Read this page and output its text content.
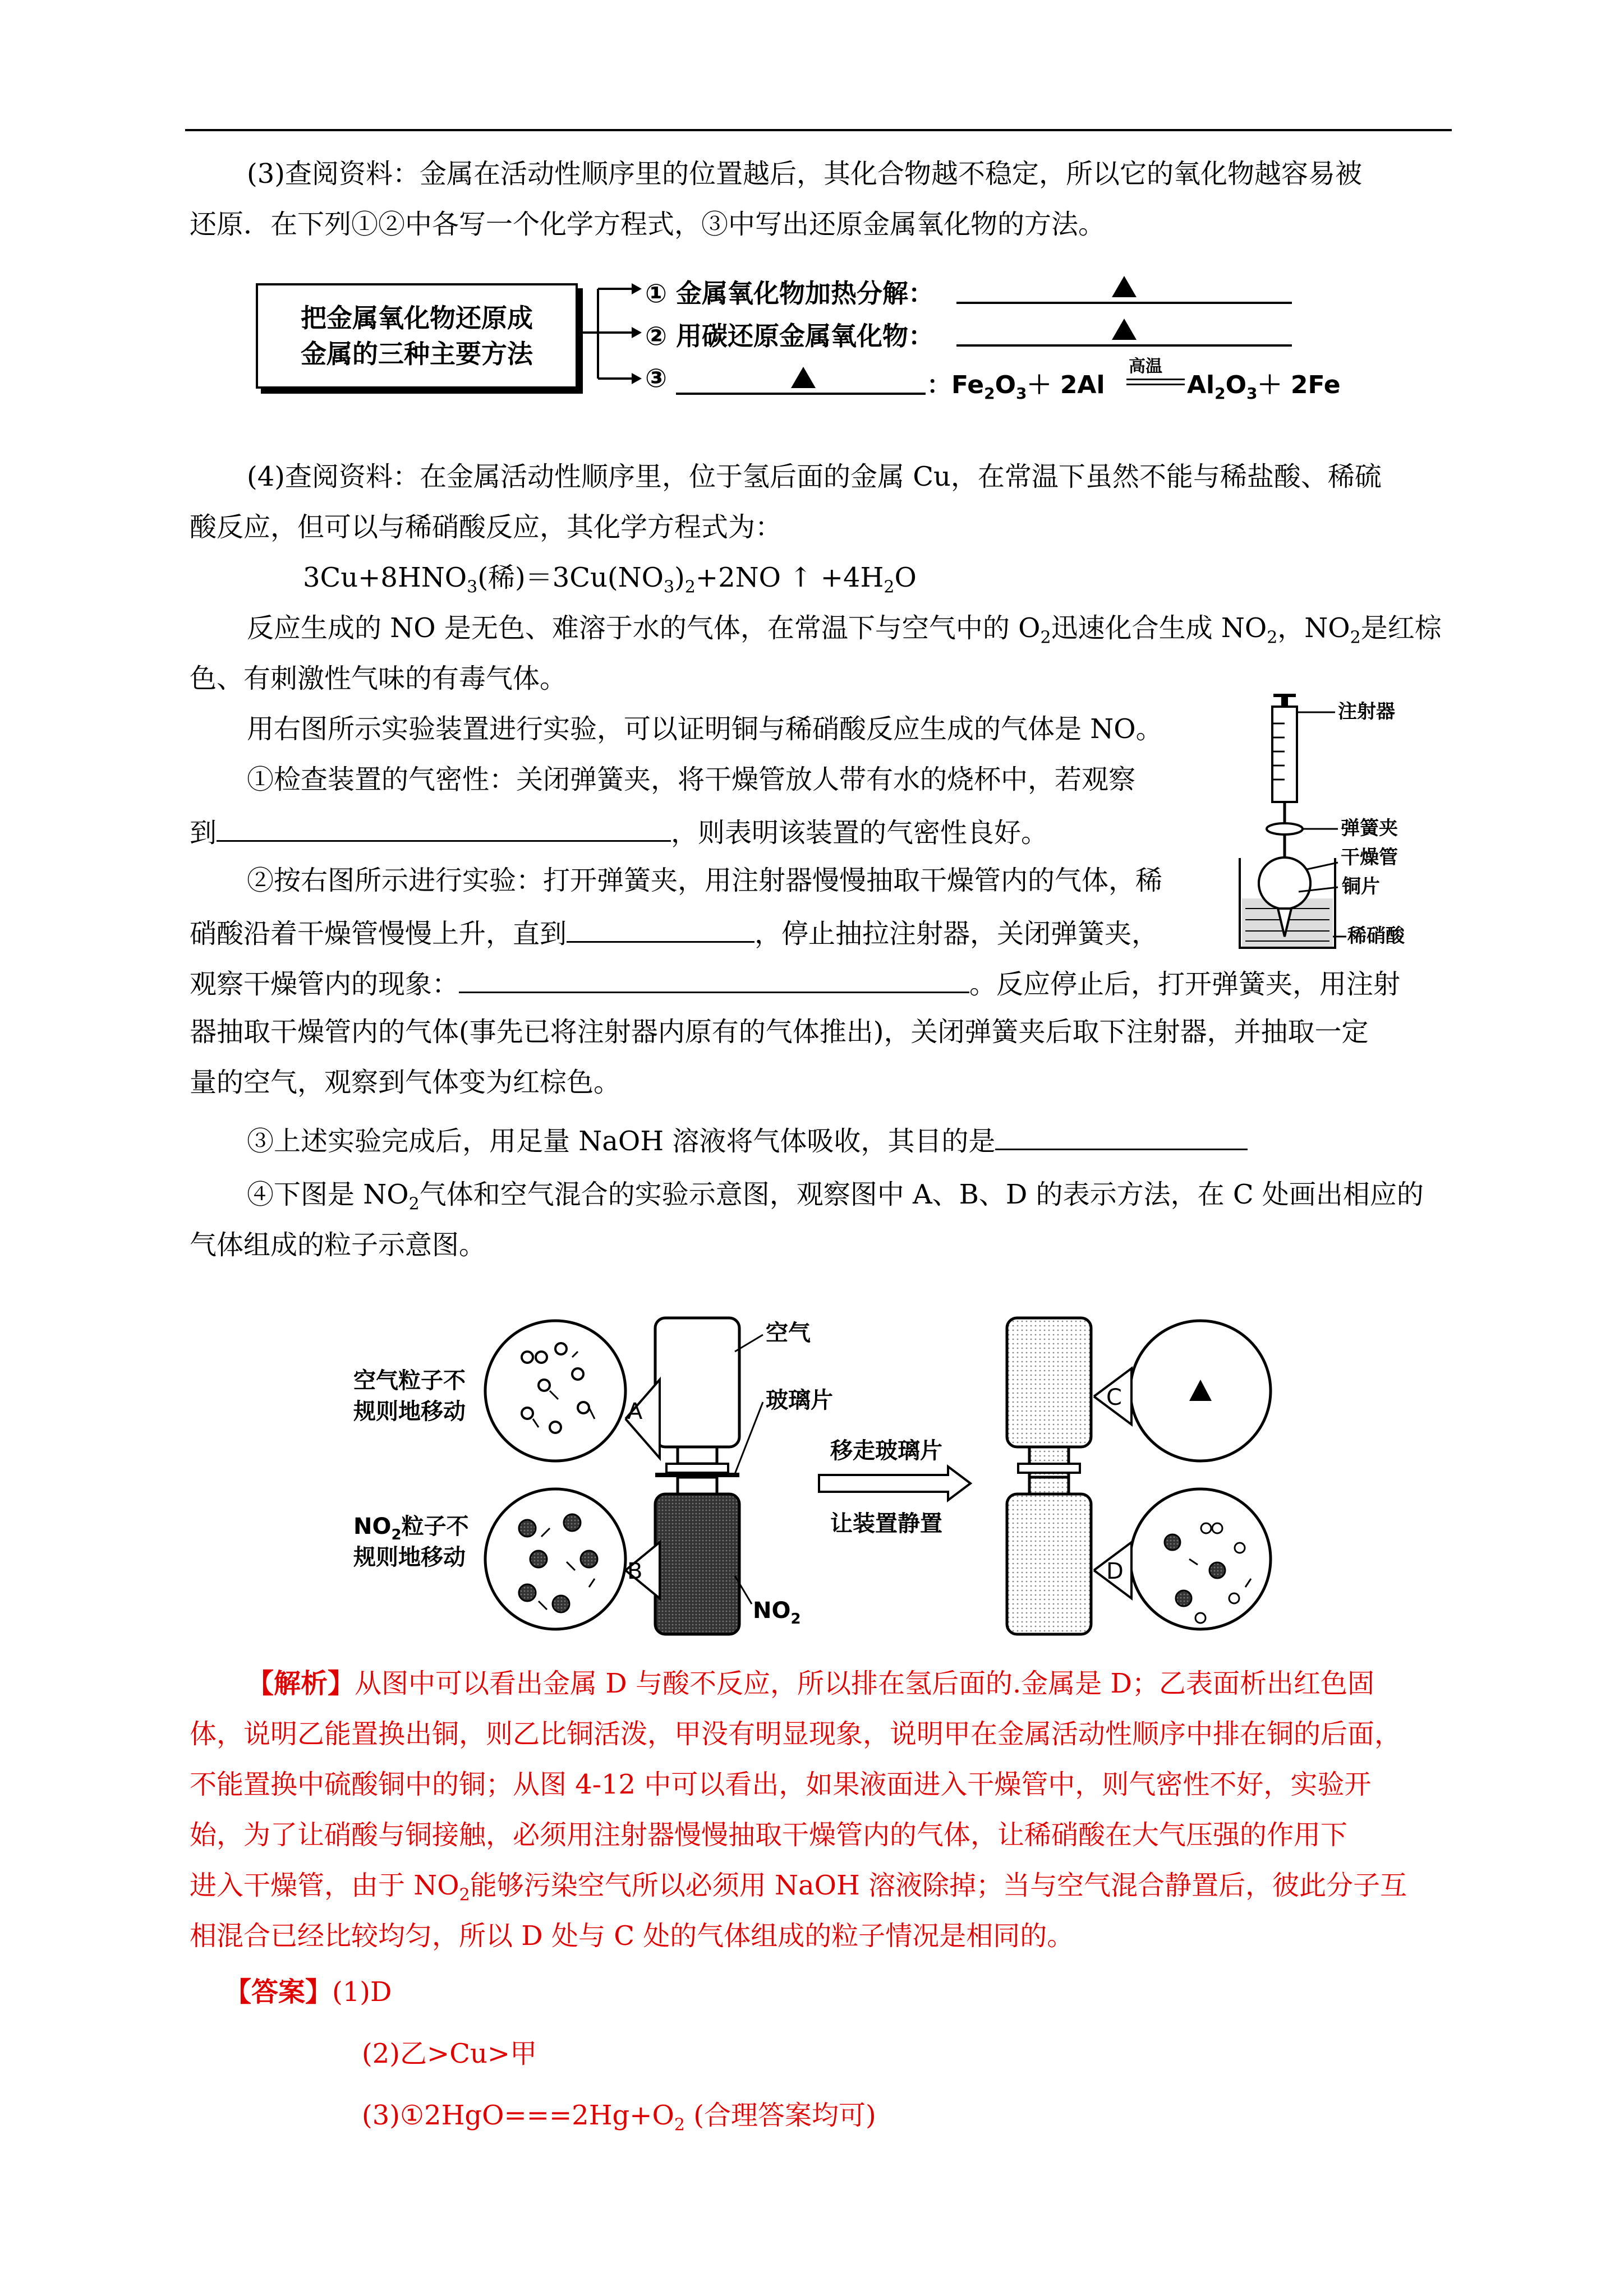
(3)查阅资料：金属在活动性顺序里的位置越后，其化合物越不稳定，所以它的氧化物越容易被
还原．在下列①②中各写一个化学方程式，③中写出还原金属氧化物的方法。
把金属氧化物还原成
金属的三种主要方法
① 金属氧化物加热分解：
② 用碳还原金属氧化物：
③	：$Fe_2O_3+ 2Al$
高温
$Al_2O_3+ 2Fe$
(4)查阅资料：在金属活动性顺序里，位于氢后面的金属 Cu，在常温下虽然不能与稀盐酸、稀硫
酸反应，但可以与稀硝酸反应，其化学方程式为：
$3Cu+8HNO_3$(稀)$=3Cu(NO_3)_2+2NO$ ↑ $+4H_2O$
反应生成的 NO 是无色、难溶于水的气体，在常温下与空气中的 $O_2$迅速化合生成 $NO_2$，$NO_2$是红棕
色、有刺激性气味的有毒气体。
用右图所示实验装置进行实验，可以证明铜与稀硝酸反应生成的气体是 NO。
①检查装置的气密性：关闭弹簧夹，将干燥管放人带有水的烧杯中，若观察
到	，则表明该装置的气密性良好。
②按右图所示进行实验：打开弹簧夹，用注射器慢慢抽取干燥管内的气体，稀
硝酸沿着干燥管慢慢上升，直到	，停止抽拉注射器，关闭弹簧夹，
观察干燥管内的现象：	。反应停止后，打开弹簧夹，用注射
器抽取干燥管内的气体(事先已将注射器内原有的气体推出)，关闭弹簧夹后取下注射器，并抽取一定
量的空气，观察到气体变为红棕色。
③上述实验完成后，用足量 NaOH 溶液将气体吸收，其目的是
④下图是 $NO_2$气体和空气混合的实验示意图，观察图中 A、B、D 的表示方法，在 C 处画出相应的
气体组成的粒子示意图。
注射器
弹簧夹
干燥管
铜片
稀硝酸
空气粒子不
规则地移动
$NO_2$粒子不
规则地移动
A
B
空气
玻璃片
$NO_2$
移走玻璃片
让装置静置
C
D
【解析】从图中可以看出金属 D 与酸不反应，所以排在氢后面的.金属是 D；乙表面析出红色固
体，说明乙能置换出铜，则乙比铜活泼，甲没有明显现象，说明甲在金属活动性顺序中排在铜的后面，
不能置换中硫酸铜中的铜；从图 4-12 中可以看出，如果液面进入干燥管中，则气密性不好，实验开
始，为了让硝酸与铜接触，必须用注射器慢慢抽取干燥管内的气体，让稀硝酸在大气压强的作用下
进入干燥管，由于 $NO_2$能够污染空气所以必须用 NaOH 溶液除掉；当与空气混合静置后，彼此分子互
相混合已经比较均匀，所以 D 处与 C 处的气体组成的粒子情况是相同的。
【答案】(1)D
(2)乙>Cu>甲
$(3)①2HgO===2Hg+O_2$ (合理答案均可)
